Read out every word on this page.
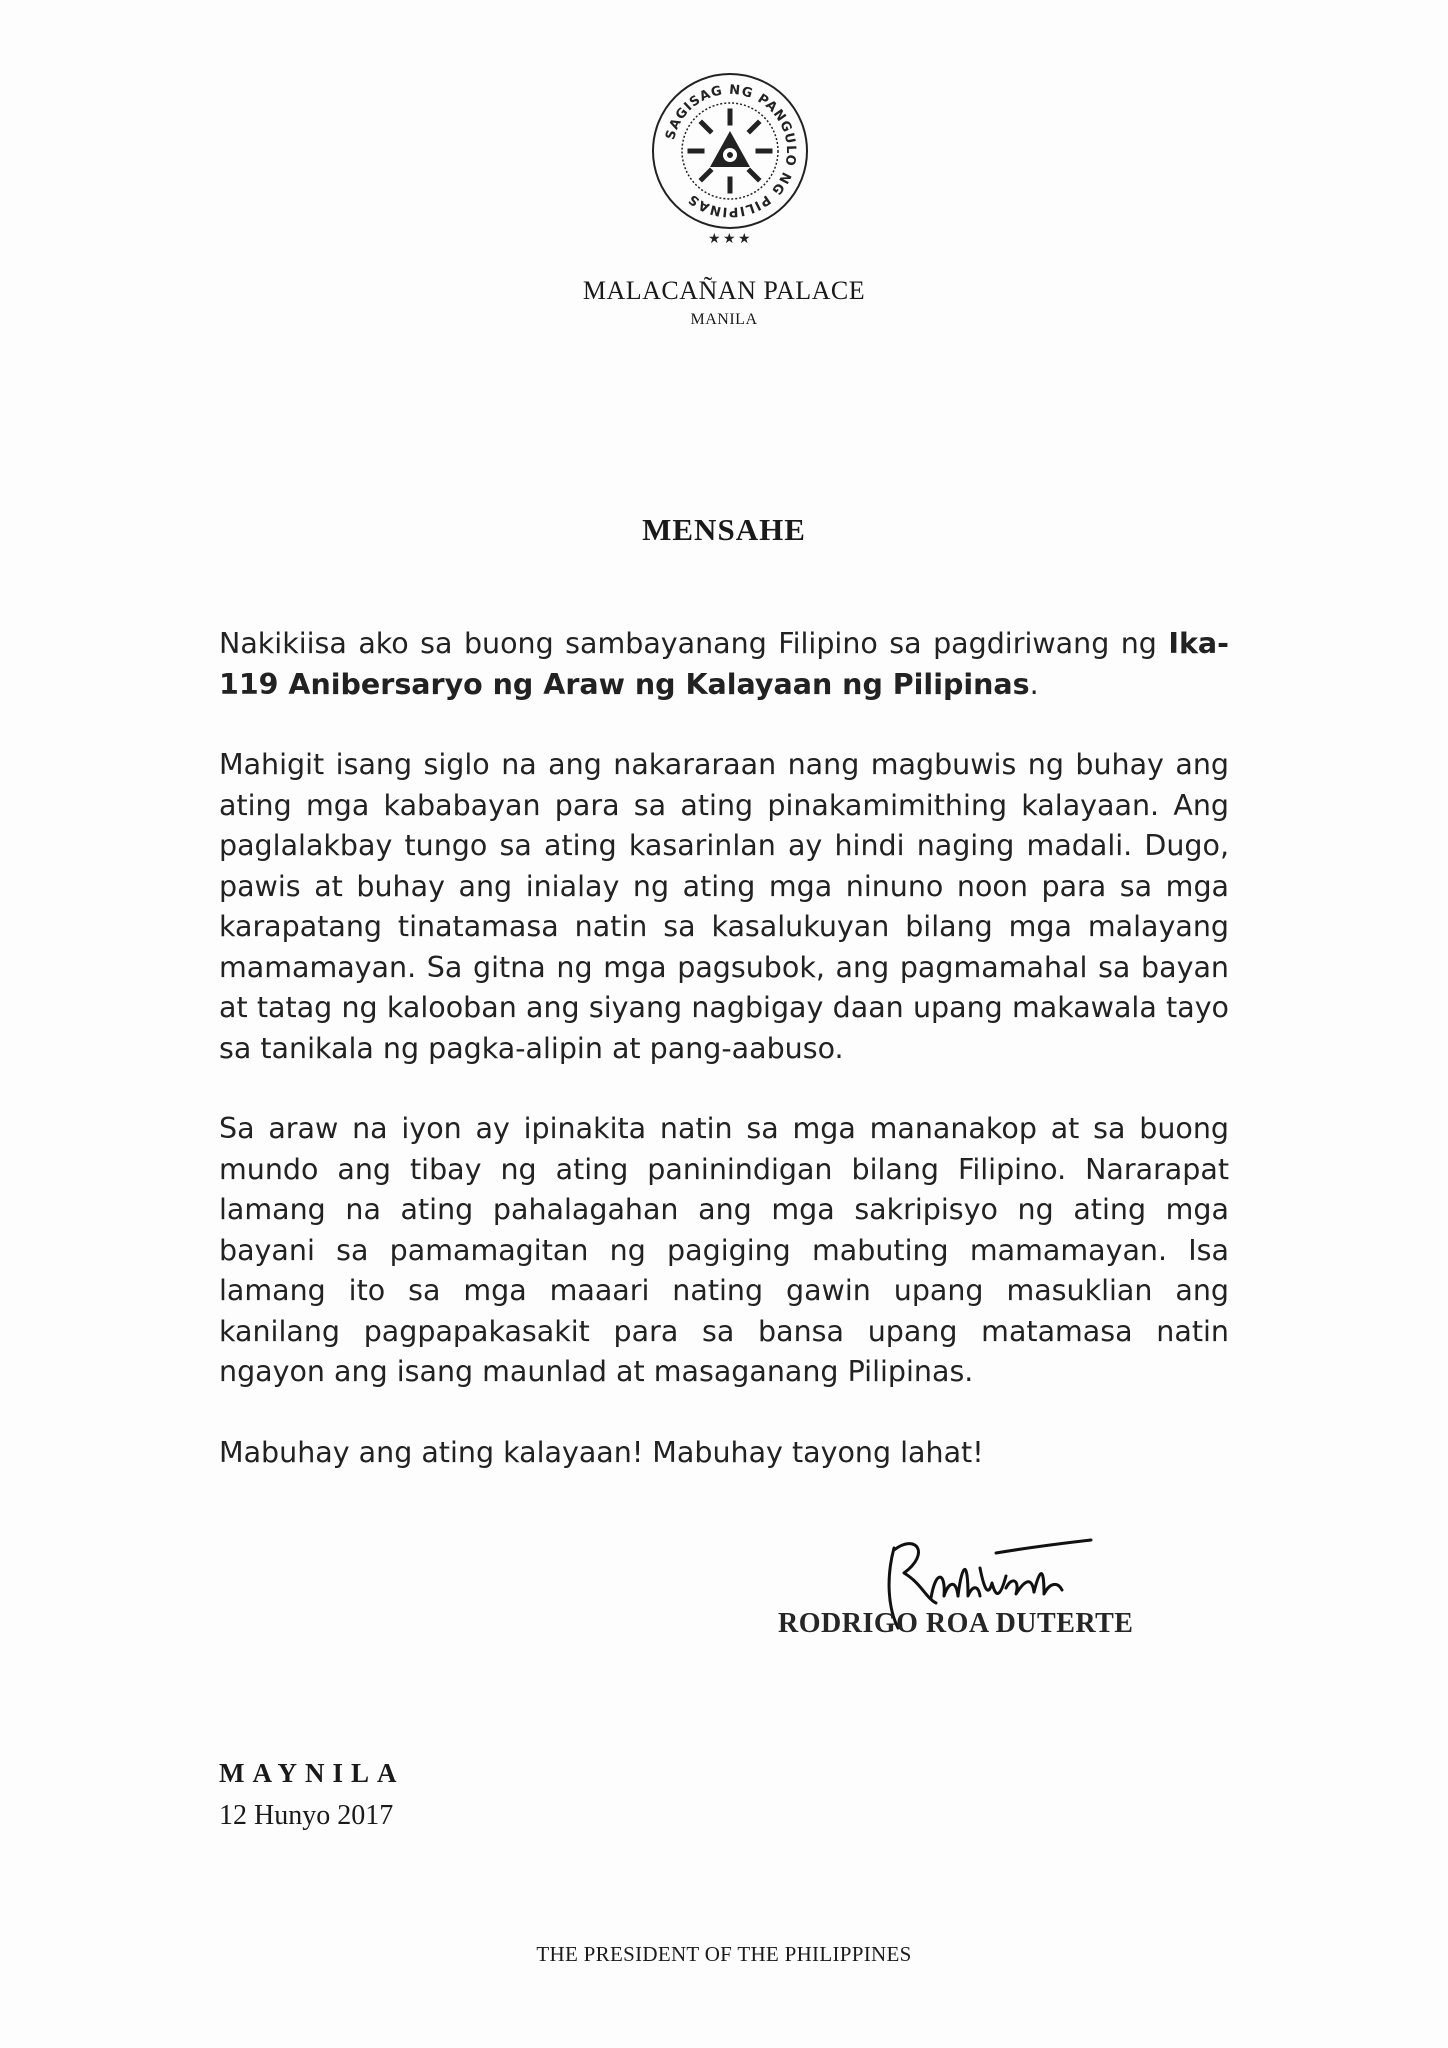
SAGISAG NG PANGULO NG PILIPINAS
★ ★ ★
MALACAÑAN PALACE
MANILA
MENSAHE

Nakikiisa ako sa buong sambayanang Filipino sa pagdiriwang ng Ika-119 Anibersaryo ng Araw ng Kalayaan ng Pilipinas.

Mahigit isang siglo na ang nakararaan nang magbuwis ng buhay ang ating mga kababayan para sa ating pinakamimithing kalayaan. Ang paglalakbay tungo sa ating kasarinlan ay hindi naging madali. Dugo, pawis at buhay ang inialay ng ating mga ninuno noon para sa mga karapatang tinatamasa natin sa kasalukuyan bilang mga malayang mamamayan. Sa gitna ng mga pagsubok, ang pagmamahal sa bayan at tatag ng kalooban ang siyang nagbigay daan upang makawala tayo sa tanikala ng pagka-alipin at pang-aabuso.

Sa araw na iyon ay ipinakita natin sa mga mananakop at sa buong mundo ang tibay ng ating paninindigan bilang Filipino. Nararapat lamang na ating pahalagahan ang mga sakripisyo ng ating mga bayani sa pamamagitan ng pagiging mabuting mamamayan. Isa lamang ito sa mga maaari nating gawin upang masuklian ang kanilang pagpapakasakit para sa bansa upang matamasa natin ngayon ang isang maunlad at masaganang Pilipinas.

Mabuhay ang ating kalayaan! Mabuhay tayong lahat!

RODRIGO ROA DUTERTE
MAYNILA
12 Hunyo 2017
THE PRESIDENT OF THE PHILIPPINES
